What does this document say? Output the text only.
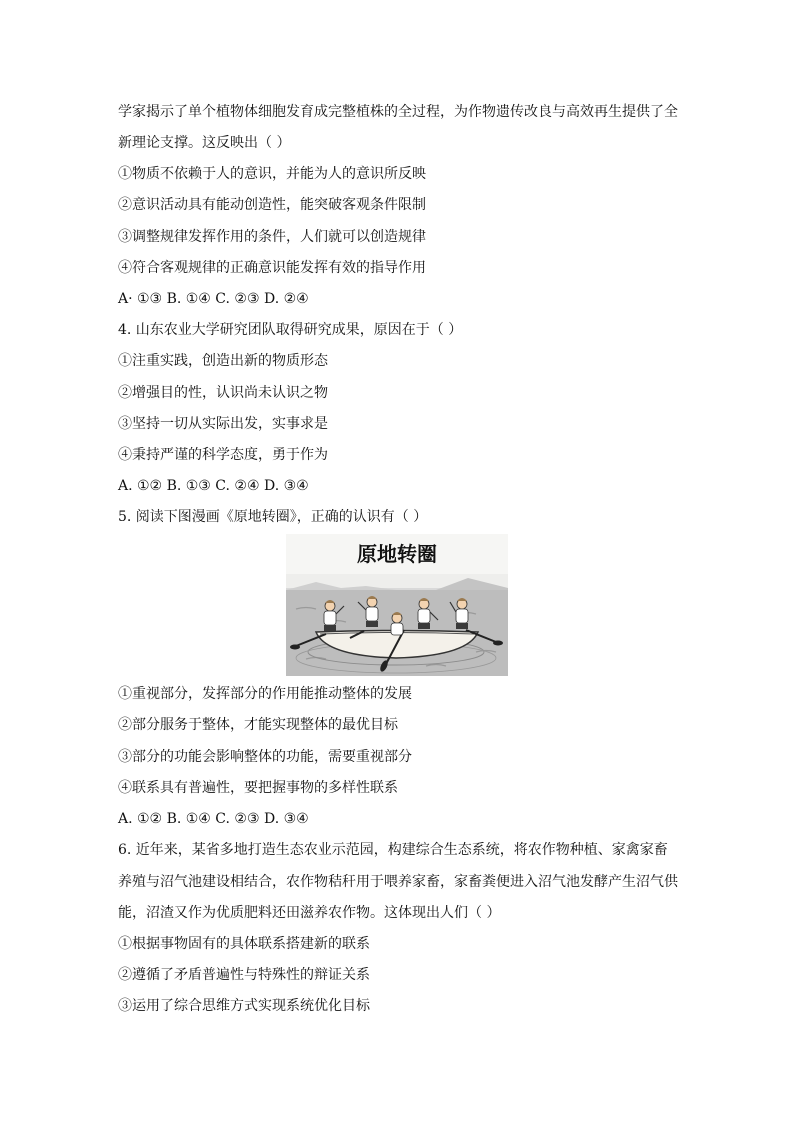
学家揭示了单个植物体细胞发育成完整植株的全过程，为作物遗传改良与高效再生提供了全
新理论支撑。这反映出（ ）
①物质不依赖于人的意识，并能为人的意识所反映
②意识活动具有能动创造性，能突破客观条件限制
③调整规律发挥作用的条件，人们就可以创造规律
④符合客观规律的正确意识能发挥有效的指导作用
A· ①③ B. ①④ C. ②③ D. ②④
4. 山东农业大学研究团队取得研究成果，原因在于（ ）
①注重实践，创造出新的物质形态
②增强目的性，认识尚未认识之物
③坚持一切从实际出发，实事求是
④秉持严谨的科学态度，勇于作为
A. ①② B. ①③ C. ②④ D. ③④
5. 阅读下图漫画《原地转圈》，正确的认识有（ ）
原地转圈
①重视部分，发挥部分的作用能推动整体的发展
②部分服务于整体，才能实现整体的最优目标
③部分的功能会影响整体的功能，需要重视部分
④联系具有普遍性，要把握事物的多样性联系
A. ①② B. ①④ C. ②③ D. ③④
6. 近年来，某省多地打造生态农业示范园，构建综合生态系统，将农作物种植、家禽家畜
养殖与沼气池建设相结合，农作物秸秆用于喂养家畜，家畜粪便进入沼气池发酵产生沼气供
能，沼渣又作为优质肥料还田滋养农作物。这体现出人们（ ）
①根据事物固有的具体联系搭建新的联系
②遵循了矛盾普遍性与特殊性的辩证关系
③运用了综合思维方式实现系统优化目标
